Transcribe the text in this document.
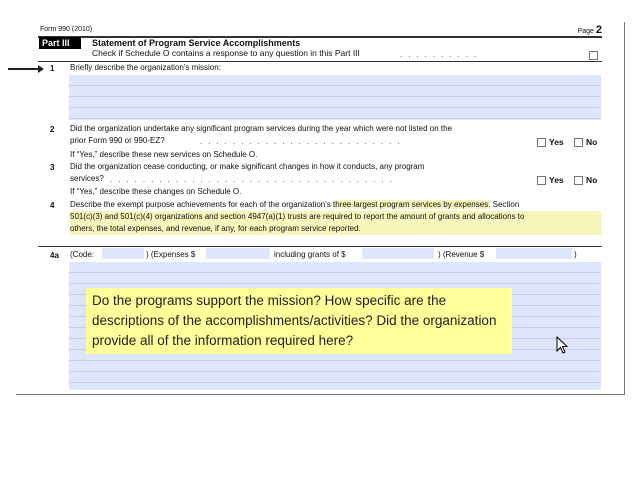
Form 990 (2010)	Page 2
Part III	Statement of Program Service Accomplishments
Check if Schedule O contains a response to any question in this Part III	..........
1 Briefly describe the organization's mission:
2 Did the organization undertake any significant program services during the year which were not listed on the
prior Form 990 or 990-EZ?	.........................	Yes	No
If “Yes,” describe these new services on Schedule O.
3 Did the organization cease conducting, or make significant changes in how it conducts, any program
services? ...................................	Yes	No
If “Yes,” describe these changes on Schedule O.
4 Describe the exempt purpose achievements for each of the organization's three largest program services by expenses. Section
501(c)(3) and 501(c)(4) organizations and section 4947(a)(1) trusts are required to report the amount of grants and allocations to
others, the total expenses, and revenue, if any, for each program service reported.
4a (Code:	) (Expenses $	including grants of $	) (Revenue $	)
Do the programs support the mission? How specific are the descriptions of the accomplishments/activities? Did the organization provide all of the information required here?
